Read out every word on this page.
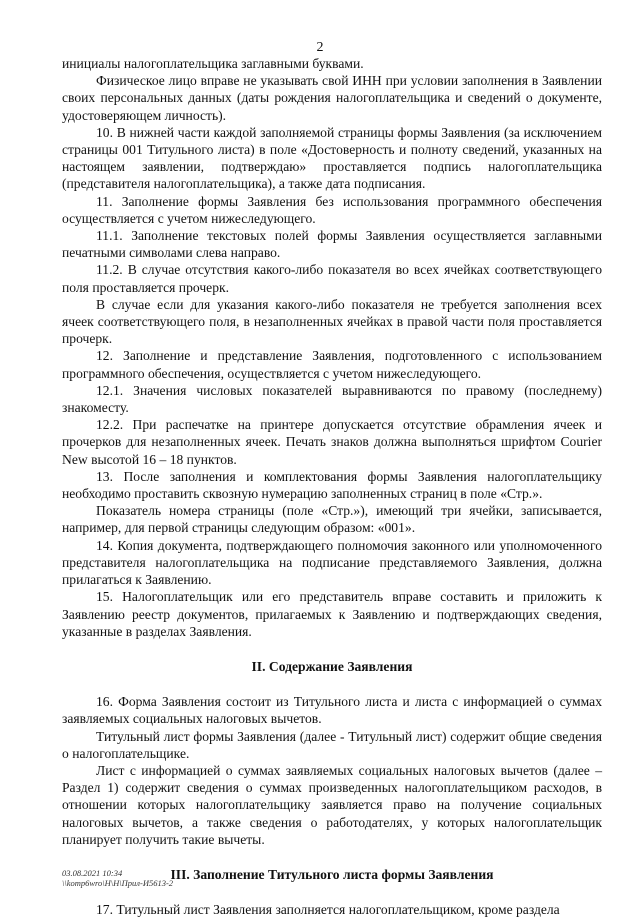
2

инициалы налогоплательщика заглавными буквами.

Физическое лицо вправе не указывать свой ИНН при условии заполнения в Заявлении своих персональных данных (даты рождения налогоплательщика и сведений о документе, удостоверяющем личность).

10. В нижней части каждой заполняемой страницы формы Заявления (за исключением страницы 001 Титульного листа) в поле «Достоверность и полноту сведений, указанных на настоящем заявлении, подтверждаю» проставляется подпись налогоплательщика (представителя налогоплательщика), а также дата подписания.

11. Заполнение формы Заявления без использования программного обеспечения осуществляется с учетом нижеследующего.

11.1. Заполнение текстовых полей формы Заявления осуществляется заглавными печатными символами слева направо.

11.2. В случае отсутствия какого-либо показателя во всех ячейках соответствующего поля проставляется прочерк.

В случае если для указания какого-либо показателя не требуется заполнения всех ячеек соответствующего поля, в незаполненных ячейках в правой части поля проставляется прочерк.

12. Заполнение и представление Заявления, подготовленного с использованием программного обеспечения, осуществляется с учетом нижеследующего.

12.1. Значения числовых показателей выравниваются по правому (последнему) знакоместу.

12.2. При распечатке на принтере допускается отсутствие обрамления ячеек и прочерков для незаполненных ячеек. Печать знаков должна выполняться шрифтом Courier New высотой 16 – 18 пунктов.

13. После заполнения и комплектования формы Заявления налогоплательщику необходимо проставить сквозную нумерацию заполненных страниц в поле «Стр.».

Показатель номера страницы (поле «Стр.»), имеющий три ячейки, записывается, например, для первой страницы следующим образом: «001».

14. Копия документа, подтверждающего полномочия законного или уполномоченного представителя налогоплательщика на подписание представляемого Заявления, должна прилагаться к Заявлению.

15. Налогоплательщик или его представитель вправе составить и приложить к Заявлению реестр документов, прилагаемых к Заявлению и подтверждающих сведения, указанные в разделах Заявления.

II. Содержание Заявления

16. Форма Заявления состоит из Титульного листа и листа с информацией о суммах заявляемых социальных налоговых вычетов.

Титульный лист формы Заявления (далее - Титульный лист) содержит общие сведения о налогоплательщике.

Лист с информацией о суммах заявляемых социальных налоговых вычетов (далее – Раздел 1) содержит сведения о суммах произведенных налогоплательщиком расходов, в отношении которых налогоплательщику заявляется право на получение социальных налоговых вычетов, а также сведения о работодателях, у которых налогоплательщик планирует получить такие вычеты.

III. Заполнение Титульного листа формы Заявления

17. Титульный лист Заявления заполняется налогоплательщиком, кроме раздела

03.08.2021 10:34
\\komp6wro\Н\Н\Прил-И5613-2
